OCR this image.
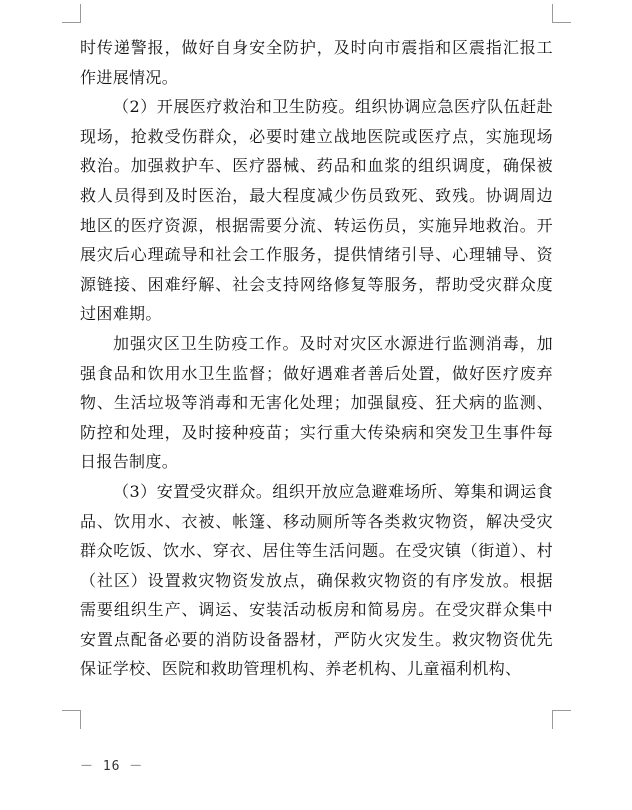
时传递警报，做好自身安全防护，及时向市震指和区震指汇报工作进展情况。

（2）开展医疗救治和卫生防疫。组织协调应急医疗队伍赶赴现场，抢救受伤群众，必要时建立战地医院或医疗点，实施现场救治。加强救护车、医疗器械、药品和血浆的组织调度，确保被救人员得到及时医治，最大程度减少伤员致死、致残。协调周边地区的医疗资源，根据需要分流、转运伤员，实施异地救治。开展灾后心理疏导和社会工作服务，提供情绪引导、心理辅导、资源链接、困难纾解、社会支持网络修复等服务，帮助受灾群众度过困难期。

加强灾区卫生防疫工作。及时对灾区水源进行监测消毒，加强食品和饮用水卫生监督；做好遇难者善后处置，做好医疗废弃物、生活垃圾等消毒和无害化处理；加强鼠疫、狂犬病的监测、防控和处理，及时接种疫苗；实行重大传染病和突发卫生事件每日报告制度。

（3）安置受灾群众。组织开放应急避难场所、筹集和调运食品、饮用水、衣被、帐篷、移动厕所等各类救灾物资，解决受灾群众吃饭、饮水、穿衣、居住等生活问题。在受灾镇（街道）、村（社区）设置救灾物资发放点，确保救灾物资的有序发放。根据需要组织生产、调运、安装活动板房和简易房。在受灾群众集中安置点配备必要的消防设备器材，严防火灾发生。救灾物资优先保证学校、医院和救助管理机构、养老机构、儿童福利机构、

－ 16 －
